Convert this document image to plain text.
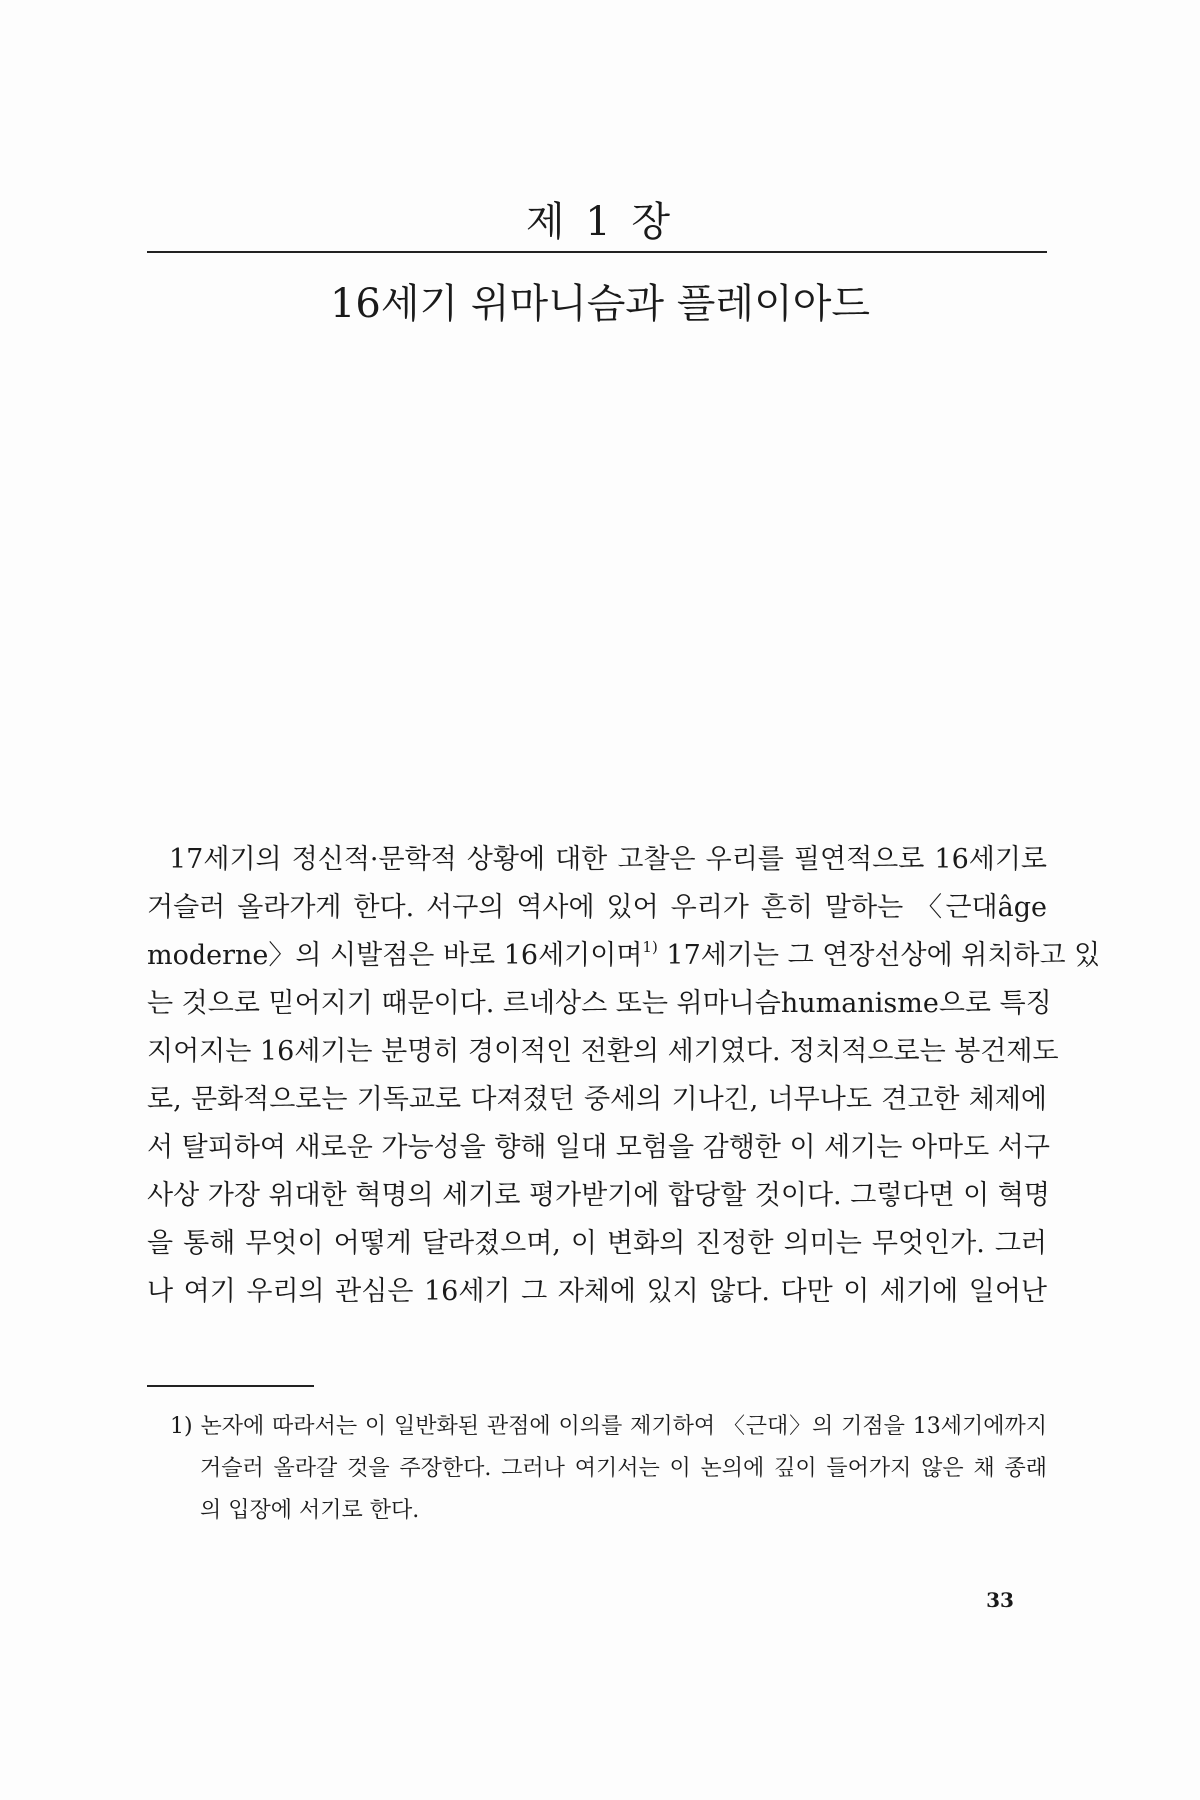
제 1 장
16세기 위마니슴과 플레이아드
17세기의 정신적·문학적 상황에 대한 고찰은 우리를 필연적으로 16세기로
거슬러 올라가게 한다. 서구의 역사에 있어 우리가 흔히 말하는 〈근대âge
moderne〉의 시발점은 바로 16세기이며$^{1)}$ 17세기는 그 연장선상에 위치하고 있
는 것으로 믿어지기 때문이다. 르네상스 또는 위마니슴humanisme으로 특징
지어지는 16세기는 분명히 경이적인 전환의 세기였다. 정치적으로는 봉건제도
로, 문화적으로는 기독교로 다져졌던 중세의 기나긴, 너무나도 견고한 체제에
서 탈피하여 새로운 가능성을 향해 일대 모험을 감행한 이 세기는 아마도 서구
사상 가장 위대한 혁명의 세기로 평가받기에 합당할 것이다. 그렇다면 이 혁명
을 통해 무엇이 어떻게 달라졌으며, 이 변화의 진정한 의미는 무엇인가. 그러
나 여기 우리의 관심은 16세기 그 자체에 있지 않다. 다만 이 세기에 일어난
1) 논자에 따라서는 이 일반화된 관점에 이의를 제기하여 〈근대〉의 기점을 13세기에까지
거슬러 올라갈 것을 주장한다. 그러나 여기서는 이 논의에 깊이 들어가지 않은 채 종래
의 입장에 서기로 한다.
33
